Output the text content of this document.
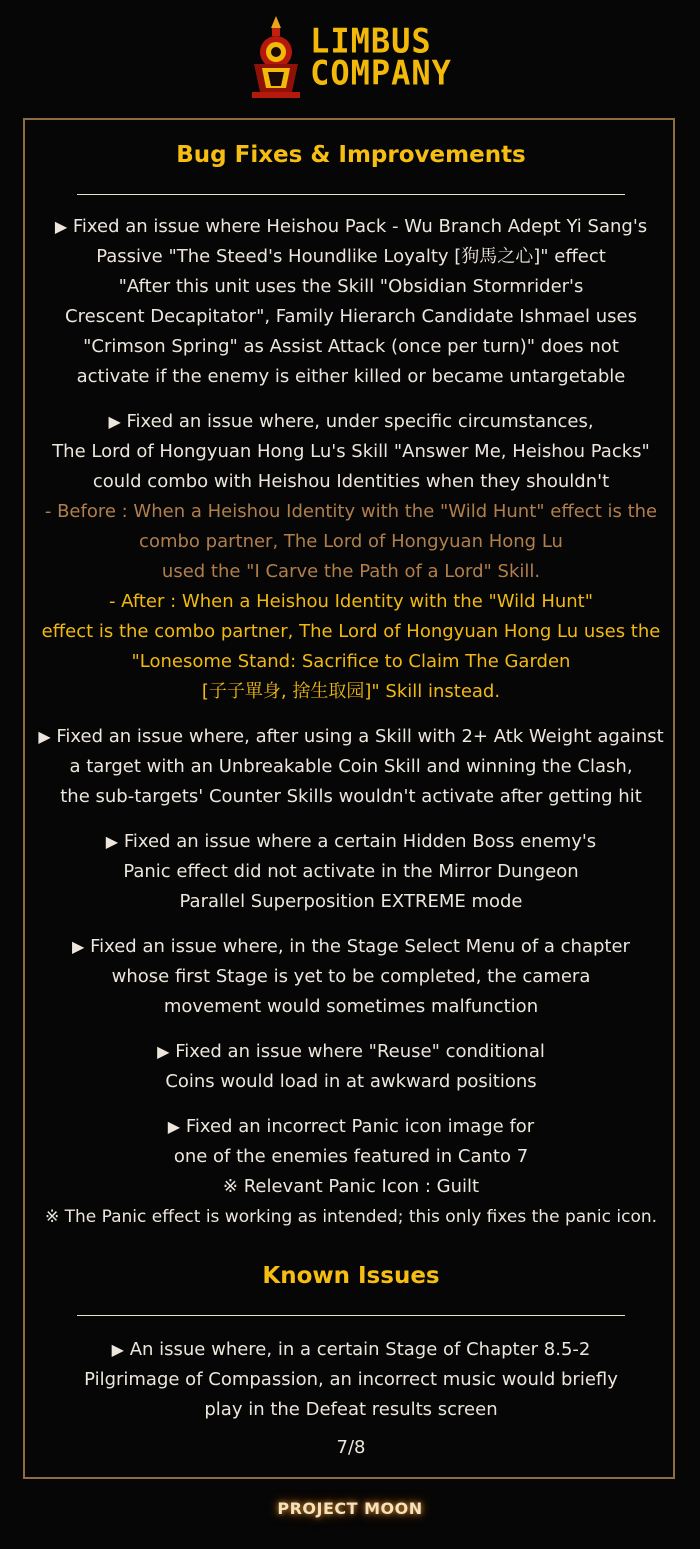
LIMBUS
COMPANY
Bug Fixes & Improvements
▶ Fixed an issue where Heishou Pack - Wu Branch Adept Yi Sang's
Passive "The Steed's Houndlike Loyalty [狗馬之心]" effect
"After this unit uses the Skill "Obsidian Stormrider's
Crescent Decapitator", Family Hierarch Candidate Ishmael uses
"Crimson Spring" as Assist Attack (once per turn)" does not
activate if the enemy is either killed or became untargetable
▶ Fixed an issue where, under specific circumstances,
The Lord of Hongyuan Hong Lu's Skill "Answer Me, Heishou Packs"
could combo with Heishou Identities when they shouldn't
- Before : When a Heishou Identity with the "Wild Hunt" effect is the
combo partner, The Lord of Hongyuan Hong Lu
used the "I Carve the Path of a Lord" Skill.
- After : When a Heishou Identity with the "Wild Hunt"
effect is the combo partner, The Lord of Hongyuan Hong Lu uses the
"Lonesome Stand: Sacrifice to Claim The Garden
[子子單身, 捨生取园]" Skill instead.
▶ Fixed an issue where, after using a Skill with 2+ Atk Weight against
a target with an Unbreakable Coin Skill and winning the Clash,
the sub-targets' Counter Skills wouldn't activate after getting hit
▶ Fixed an issue where a certain Hidden Boss enemy's
Panic effect did not activate in the Mirror Dungeon
Parallel Superposition EXTREME mode
▶ Fixed an issue where, in the Stage Select Menu of a chapter
whose first Stage is yet to be completed, the camera
movement would sometimes malfunction
▶ Fixed an issue where "Reuse" conditional
Coins would load in at awkward positions
▶ Fixed an incorrect Panic icon image for
one of the enemies featured in Canto 7
※ Relevant Panic Icon : Guilt
※ The Panic effect is working as intended; this only fixes the panic icon.
Known Issues
▶ An issue where, in a certain Stage of Chapter 8.5-2
Pilgrimage of Compassion, an incorrect music would briefly
play in the Defeat results screen
7/8
PROJECT MOON
